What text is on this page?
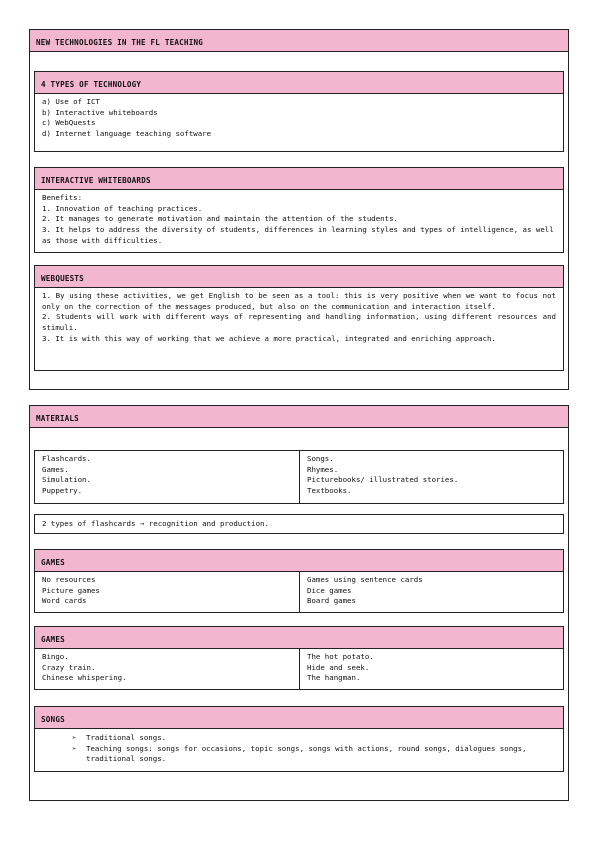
NEW TECHNOLOGIES IN THE FL TEACHING
4 TYPES OF TECHNOLOGY
a) Use of ICT
b) Interactive whiteboards
c) WebQuests
d) Internet language teaching software
INTERACTIVE WHITEBOARDS
Benefits:
1. Innovation of teaching practices.
2. It manages to generate motivation and maintain the attention of the students.
3. It helps to address the diversity of students, differences in learning styles and types of intelligence, as well as those with difficulties.
WEBQUESTS
1. By using these activities, we get English to be seen as a tool: this is very positive when we want to focus not only on the correction of the messages produced, but also on the communication and interaction itself.
2. Students will work with different ways of representing and handling information, using different resources and stimuli.
3. It is with this way of working that we achieve a more practical, integrated and enriching approach.
MATERIALS
Flashcards.
Games.
Simulation.
Puppetry.
Songs.
Rhymes.
Picturebooks/ illustrated stories.
Textbooks.
2 types of flashcards → recognition and production.
GAMES
No resources
Picture games
Word cards
Games using sentence cards
Dice games
Board games
GAMES
Bingo.
Crazy train.
Chinese whispering.
The hot potato.
Hide and seek.
The hangman.
SONGS
➢ Traditional songs.
➢ Teaching songs: songs for occasions, topic songs, songs with actions, round songs, dialogues songs, traditional songs.
